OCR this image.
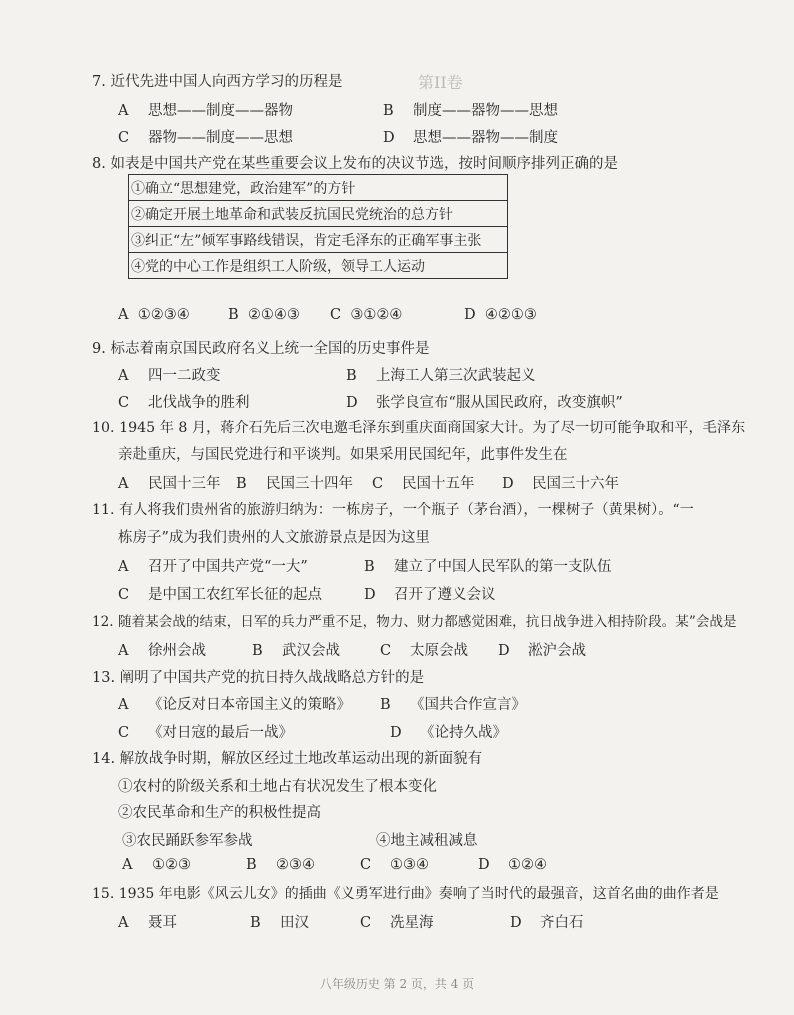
第II卷
7. 近代先进中国人向西方学习的历程是
A 思想——制度——器物	B 制度——器物——思想
C 器物——制度——思想	D 思想——器物——制度
8. 如表是中国共产党在某些重要会议上发布的决议节选，按时间顺序排列正确的是
①确立“思想建党，政治建军”的方针
②确定开展土地革命和武装反抗国民党统治的总方针
③纠正“左”倾军事路线错误，肯定毛泽东的正确军事主张
④党的中心工作是组织工人阶级，领导工人运动
A ①②③④	B ②①④③ C ③①②④	D ④②①③
9. 标志着南京国民政府名义上统一全国的历史事件是
A 四一二政变	B 上海工人第三次武装起义
C 北伐战争的胜利	D 张学良宣布“服从国民政府，改变旗帜”
10. 1945 年 8 月，蒋介石先后三次电邀毛泽东到重庆面商国家大计。为了尽一切可能争取和平，毛泽东
亲赴重庆，与国民党进行和平谈判。如果采用民国纪年，此事件发生在
A 民国十三年 B 民国三十四年 C 民国十五年 D 民国三十六年
11. 有人将我们贵州省的旅游归纳为：一栋房子，一个瓶子（茅台酒），一棵树子（黄果树）。“一
栋房子”成为我们贵州的人文旅游景点是因为这里
A 召开了中国共产党“一大”	B 建立了中国人民军队的第一支队伍
C 是中国工农红军长征的起点	D 召开了遵义会议
12. 随着某会战的结束，日军的兵力严重不足，物力、财力都感觉困难，抗日战争进入相持阶段。某”会战是
A 徐州会战	B 武汉会战	C 太原会战 D 淞沪会战
13. 阐明了中国共产党的抗日持久战战略总方针的是
A 《论反对日本帝国主义的策略》 B 《国共合作宣言》
C 《对日寇的最后一战》	D 《论持久战》
14. 解放战争时期，解放区经过土地改革运动出现的新面貌有
①农村的阶级关系和土地占有状况发生了根本变化
②农民革命和生产的积极性提高
③农民踊跃参军参战	④地主减租减息
A ①②③	B ②③④	C ①③④	D ①②④
15. 1935 年电影《风云儿女》的插曲《义勇军进行曲》奏响了当时代的最强音，这首名曲的曲作者是
A 聂耳	B 田汉	C 冼星海	D 齐白石
八年级历史 第 2 页，共 4 页
